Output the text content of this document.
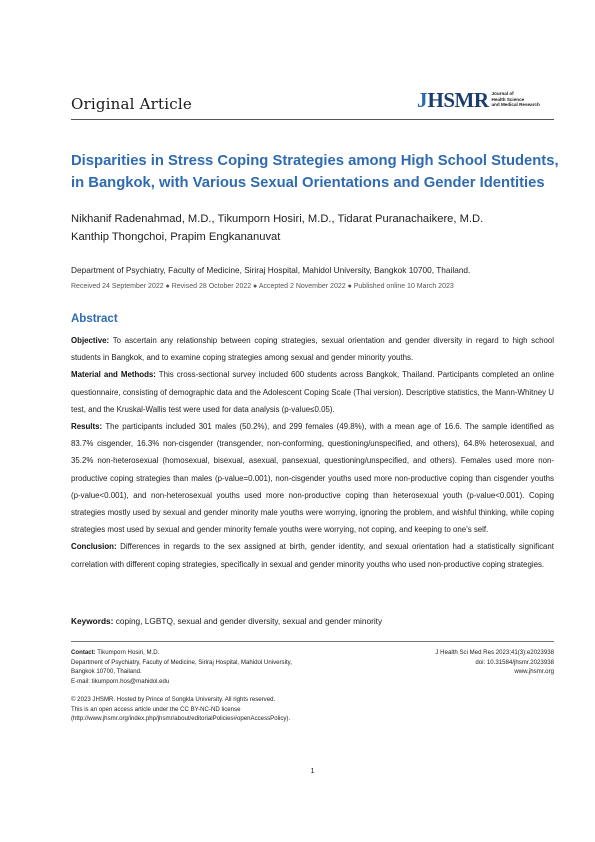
Original Article	J HSMR Journal of
Health Science
and Medical Research
Disparities in Stress Coping Strategies among High School Students, in Bangkok, with Various Sexual Orientations and Gender Identities
Nikhanif Radenahmad, M.D., Tikumporn Hosiri, M.D., Tidarat Puranachaikere, M.D.
Kanthip Thongchoi, Prapim Engkananuvat
Department of Psychiatry, Faculty of Medicine, Siriraj Hospital, Mahidol University, Bangkok 10700, Thailand.
Received 24 September 2022 ● Revised 28 October 2022 ● Accepted 2 November 2022 ● Published online 10 March 2023
Abstract

Objective: To ascertain any relationship between coping strategies, sexual orientation and gender diversity in regard to high school students in Bangkok, and to examine coping strategies among sexual and gender minority youths.

Material and Methods: This cross-sectional survey included 600 students across Bangkok, Thailand. Participants completed an online questionnaire, consisting of demographic data and the Adolescent Coping Scale (Thai version). Descriptive statistics, the Mann-Whitney U test, and the Kruskal-Wallis test were used for data analysis (p-value≤0.05).

Results: The participants included 301 males (50.2%), and 299 females (49.8%), with a mean age of 16.6. The sample identified as 83.7% cisgender, 16.3% non-cisgender (transgender, non-conforming, questioning/unspecified, and others), 64.8% heterosexual, and 35.2% non-heterosexual (homosexual, bisexual, asexual, pansexual, questioning/unspecified, and others). Females used more non-productive coping strategies than males (p-value=0.001), non-cisgender youths used more non-productive coping than cisgender youths (p-value<0.001), and non-heterosexual youths used more non-productive coping than heterosexual youth (p-value<0.001). Coping strategies mostly used by sexual and gender minority male youths were worrying, ignoring the problem, and wishful thinking, while coping strategies most used by sexual and gender minority female youths were worrying, not coping, and keeping to one's self.

Conclusion: Differences in regards to the sex assigned at birth, gender identity, and sexual orientation had a statistically significant correlation with different coping strategies, specifically in sexual and gender minority youths who used non-productive coping strategies.

Keywords: coping, LGBTQ, sexual and gender diversity, sexual and gender minority
Contact: Tikumporn Hosiri, M.D.
Department of Psychiatry, Faculty of Medicine, Siriraj Hospital, Mahidol University,
Bangkok 10700, Thailand.
E-mail: tikumporn.hos@mahidol.edu
J Health Sci Med Res 2023;41(3):e2023938
doi: 10.31584/jhsmr.2023938
www.jhsmr.org
© 2023 JHSMR. Hosted by Prince of Songkla University. All rights reserved.
This is an open access article under the CC BY-NC-ND license
(http://www.jhsmr.org/index.php/jhsmr/about/editorialPolicies#openAccessPolicy).
1
